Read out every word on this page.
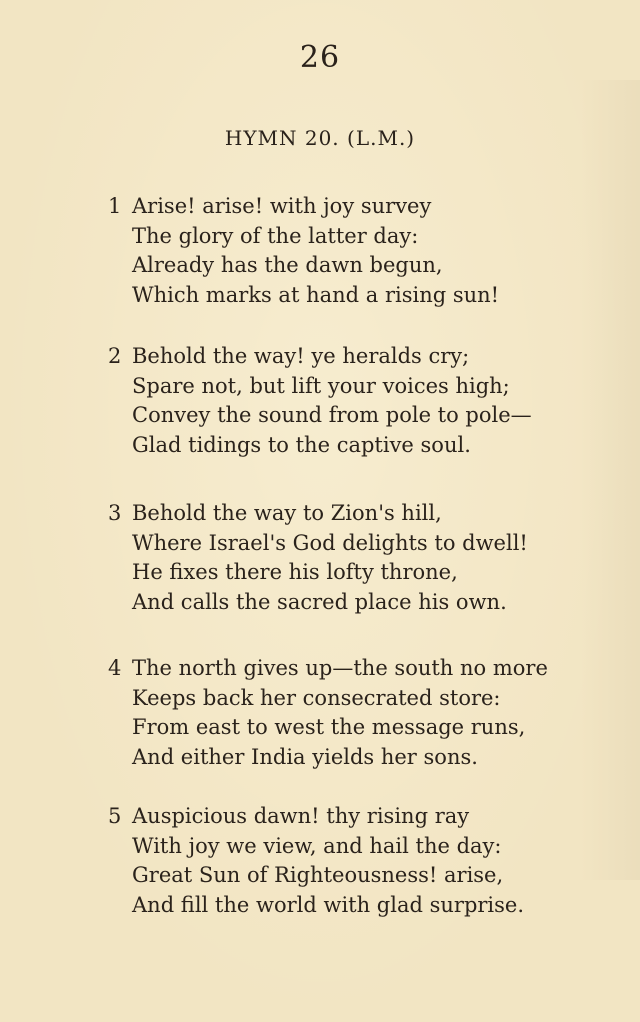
26
HYMN 20. (L.M.)
1 Arise! arise! with joy survey
The glory of the latter day:
Already has the dawn begun,
Which marks at hand a rising sun!
2 Behold the way! ye heralds cry;
Spare not, but lift your voices high;
Convey the sound from pole to pole—
Glad tidings to the captive soul.
3 Behold the way to Zion's hill,
Where Israel's God delights to dwell!
He fixes there his lofty throne,
And calls the sacred place his own.
4 The north gives up—the south no more
Keeps back her consecrated store:
From east to west the message runs,
And either India yields her sons.
5 Auspicious dawn! thy rising ray
With joy we view, and hail the day:
Great Sun of Righteousness! arise,
And fill the world with glad surprise.
